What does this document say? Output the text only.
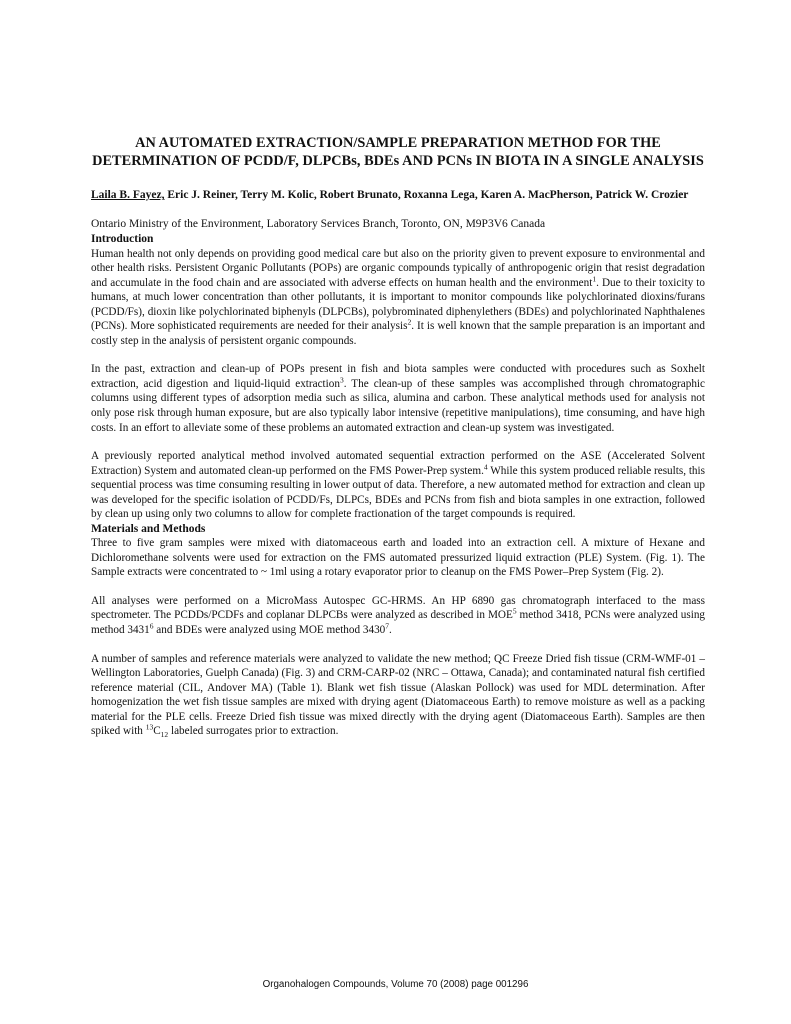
AN AUTOMATED EXTRACTION/SAMPLE PREPARATION METHOD FOR THE DETERMINATION OF PCDD/F, DLPCBs, BDEs AND PCNs IN BIOTA IN A SINGLE ANALYSIS
Laila B. Fayez, Eric J. Reiner, Terry M. Kolic, Robert Brunato, Roxanna Lega, Karen A. MacPherson, Patrick W. Crozier
Ontario Ministry of the Environment, Laboratory Services Branch, Toronto, ON, M9P3V6 Canada
Introduction

Human health not only depends on providing good medical care but also on the priority given to prevent exposure to environmental and other health risks. Persistent Organic Pollutants (POPs) are organic compounds typically of anthropogenic origin that resist degradation and accumulate in the food chain and are associated with adverse effects on human health and the environment$^1$. Due to their toxicity to humans, at much lower concentration than other pollutants, it is important to monitor compounds like polychlorinated dioxins/furans (PCDD/Fs), dioxin like polychlorinated biphenyls (DLPCBs), polybrominated diphenylethers (BDEs) and polychlorinated Naphthalenes (PCNs). More sophisticated requirements are needed for their analysis$^2$. It is well known that the sample preparation is an important and costly step in the analysis of persistent organic compounds.

In the past, extraction and clean-up of POPs present in fish and biota samples were conducted with procedures such as Soxhelt extraction, acid digestion and liquid-liquid extraction$^3$. The clean-up of these samples was accomplished through chromatographic columns using different types of adsorption media such as silica, alumina and carbon. These analytical methods used for analysis not only pose risk through human exposure, but are also typically labor intensive (repetitive manipulations), time consuming, and have high costs. In an effort to alleviate some of these problems an automated extraction and clean-up system was investigated.

A previously reported analytical method involved automated sequential extraction performed on the ASE (Accelerated Solvent Extraction) System and automated clean-up performed on the FMS Power-Prep system.$^4$ While this system produced reliable results, this sequential process was time consuming resulting in lower output of data. Therefore, a new automated method for extraction and clean up was developed for the specific isolation of PCDD/Fs, DLPCs, BDEs and PCNs from fish and biota samples in one extraction, followed by clean up using only two columns to allow for complete fractionation of the target compounds is required.

Materials and Methods

Three to five gram samples were mixed with diatomaceous earth and loaded into an extraction cell. A mixture of Hexane and Dichloromethane solvents were used for extraction on the FMS automated pressurized liquid extraction (PLE) System. (Fig. 1). The Sample extracts were concentrated to ~ 1ml using a rotary evaporator prior to cleanup on the FMS Power–Prep System (Fig. 2).

All analyses were performed on a MicroMass Autospec GC-HRMS. An HP 6890 gas chromatograph interfaced to the mass spectrometer. The PCDDs/PCDFs and coplanar DLPCBs were analyzed as described in MOE$^5$ method 3418, PCNs were analyzed using method 3431$^6$ and BDEs were analyzed using MOE method 3430$^7$.

A number of samples and reference materials were analyzed to validate the new method; QC Freeze Dried fish tissue (CRM-WMF-01 – Wellington Laboratories, Guelph Canada) (Fig. 3) and CRM-CARP-02 (NRC – Ottawa, Canada); and contaminated natural fish certified reference material (CIL, Andover MA) (Table 1). Blank wet fish tissue (Alaskan Pollock) was used for MDL determination. After homogenization the wet fish tissue samples are mixed with drying agent (Diatomaceous Earth) to remove moisture as well as a packing material for the PLE cells. Freeze Dried fish tissue was mixed directly with the drying agent (Diatomaceous Earth). Samples are then spiked with $^{13}C_{12}$ labeled surrogates prior to extraction.

Organohalogen Compounds, Volume 70 (2008) page 001296
